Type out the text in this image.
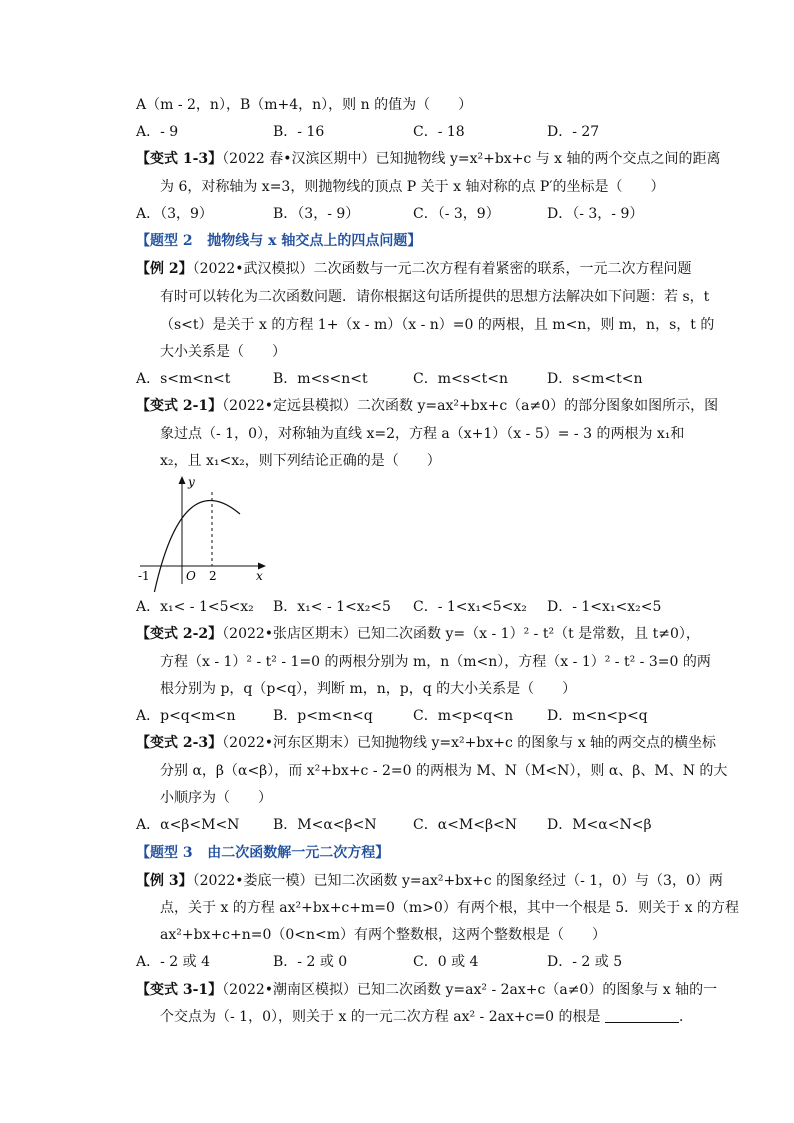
A（m - 2，n），B（m+4，n），则 n 的值为（　　）
A．- 9	B．- 16	C．- 18	D．- 27
【变式 1-3】（2022 春•汉滨区期中）已知抛物线 y=x²+bx+c 与 x 轴的两个交点之间的距离
为 6，对称轴为 x=3，则抛物线的顶点 P 关于 x 轴对称的点 P′的坐标是（　　）
A．（3，9）	B．（3，- 9）	C．（- 3，9）	D．（- 3，- 9）
【题型 2 抛物线与 x 轴交点上的四点问题】
【例 2】（2022•武汉模拟）二次函数与一元二次方程有着紧密的联系，一元二次方程问题
有时可以转化为二次函数问题．请你根据这句话所提供的思想方法解决如下问题：若 s，t
（s<t）是关于 x 的方程 1+（x - m）（x - n）=0 的两根，且 m<n，则 m，n，s，t 的
大小关系是（　　）
A．s<m<n<t	B．m<s<n<t	C．m<s<t<n	D．s<m<t<n
【变式 2-1】（2022•定远县模拟）二次函数 y=ax²+bx+c（a≠0）的部分图象如图所示，图
象过点（- 1，0），对称轴为直线 x=2，方程 a（x+1）（x - 5）= - 3 的两根为 x₁和
x₂，且 x₁<x₂，则下列结论正确的是（　　）
y
x
O
-1	2
A．x₁< - 1<5<x₂ B．x₁< - 1<x₂<5 C．- 1<x₁<5<x₂ D．- 1<x₁<x₂<5
【变式 2-2】（2022•张店区期末）已知二次函数 y=（x - 1）² - t²（t 是常数，且 t≠0），
方程（x - 1）² - t² - 1=0 的两根分别为 m，n（m<n），方程（x - 1）² - t² - 3=0 的两
根分别为 p，q（p<q），判断 m，n，p，q 的大小关系是（　　）
A．p<q<m<n	B．p<m<n<q	C．m<p<q<n D．m<n<p<q
【变式 2-3】（2022•河东区期末）已知抛物线 y=x²+bx+c 的图象与 x 轴的两交点的横坐标
分别 α，β（α<β），而 x²+bx+c - 2=0 的两根为 M、N（M<N），则 α、β、M、N 的大
小顺序为（　　）
A．α<β<M<N B．M<α<β<N	C．α<M<β<N D．M<α<N<β
【题型 3 由二次函数解一元二次方程】
【例 3】（2022•娄底一模）已知二次函数 y=ax²+bx+c 的图象经过（- 1，0）与（3，0）两
点，关于 x 的方程 ax²+bx+c+m=0（m>0）有两个根，其中一个根是 5．则关于 x 的方程
ax²+bx+c+n=0（0<n<m）有两个整数根，这两个整数根是（　　）
A．- 2 或 4	B．- 2 或 0	C．0 或 4	D．- 2 或 5
【变式 3-1】（2022•潮南区模拟）已知二次函数 y=ax² - 2ax+c（a≠0）的图象与 x 轴的一
个交点为（- 1，0），则关于 x 的一元二次方程 ax² - 2ax+c=0 的根是	．
